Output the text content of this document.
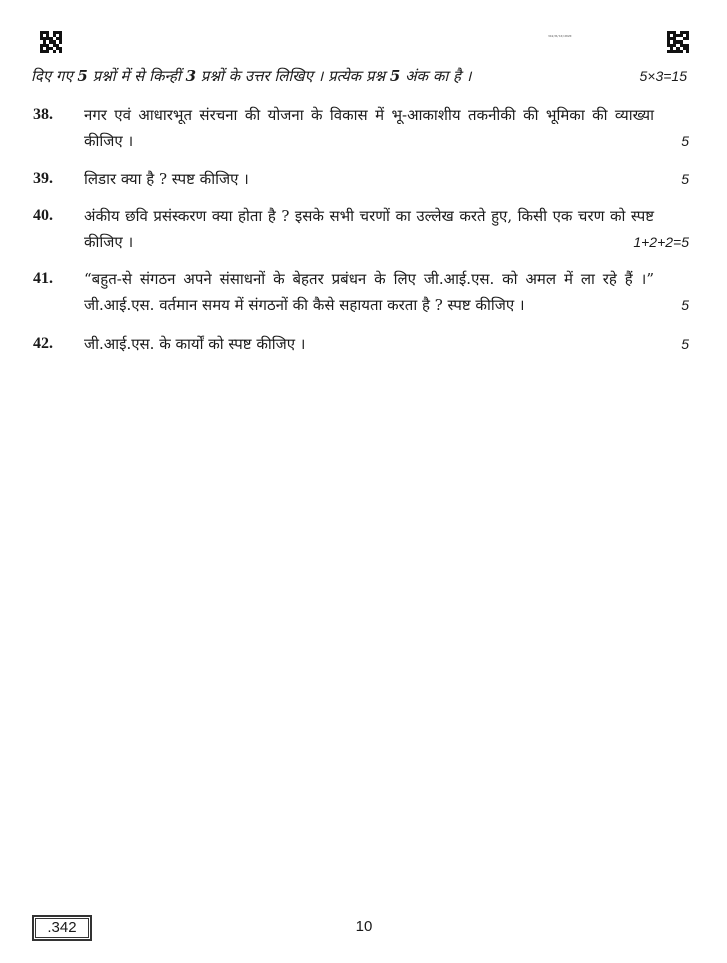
342/B/10/2020
दिए गए 5 प्रश्नों में से किन्हीं 3 प्रश्नों के उत्तर लिखिए । प्रत्येक प्रश्न 5 अंक का है ।	5×3=15
38. नगर एवं आधारभूत संरचना की योजना के विकास में भू-आकाशीय तकनीकी की भूमिका की व्याख्या कीजिए ।	5
39. लिडार क्या है ? स्पष्ट कीजिए ।	5
40. अंकीय छवि प्रसंस्करण क्या होता है ? इसके सभी चरणों का उल्लेख करते हुए, किसी एक चरण को स्पष्ट कीजिए ।	1+2+2=5
41. “बहुत-से संगठन अपने संसाधनों के बेहतर प्रबंधन के लिए जी.आई.एस. को अमल में ला रहे हैं ।” जी.आई.एस. वर्तमान समय में संगठनों की कैसे सहायता करता है ? स्पष्ट कीजिए ।	5
42. जी.आई.एस. के कार्यों को स्पष्ट कीजिए ।	5
.342	10
